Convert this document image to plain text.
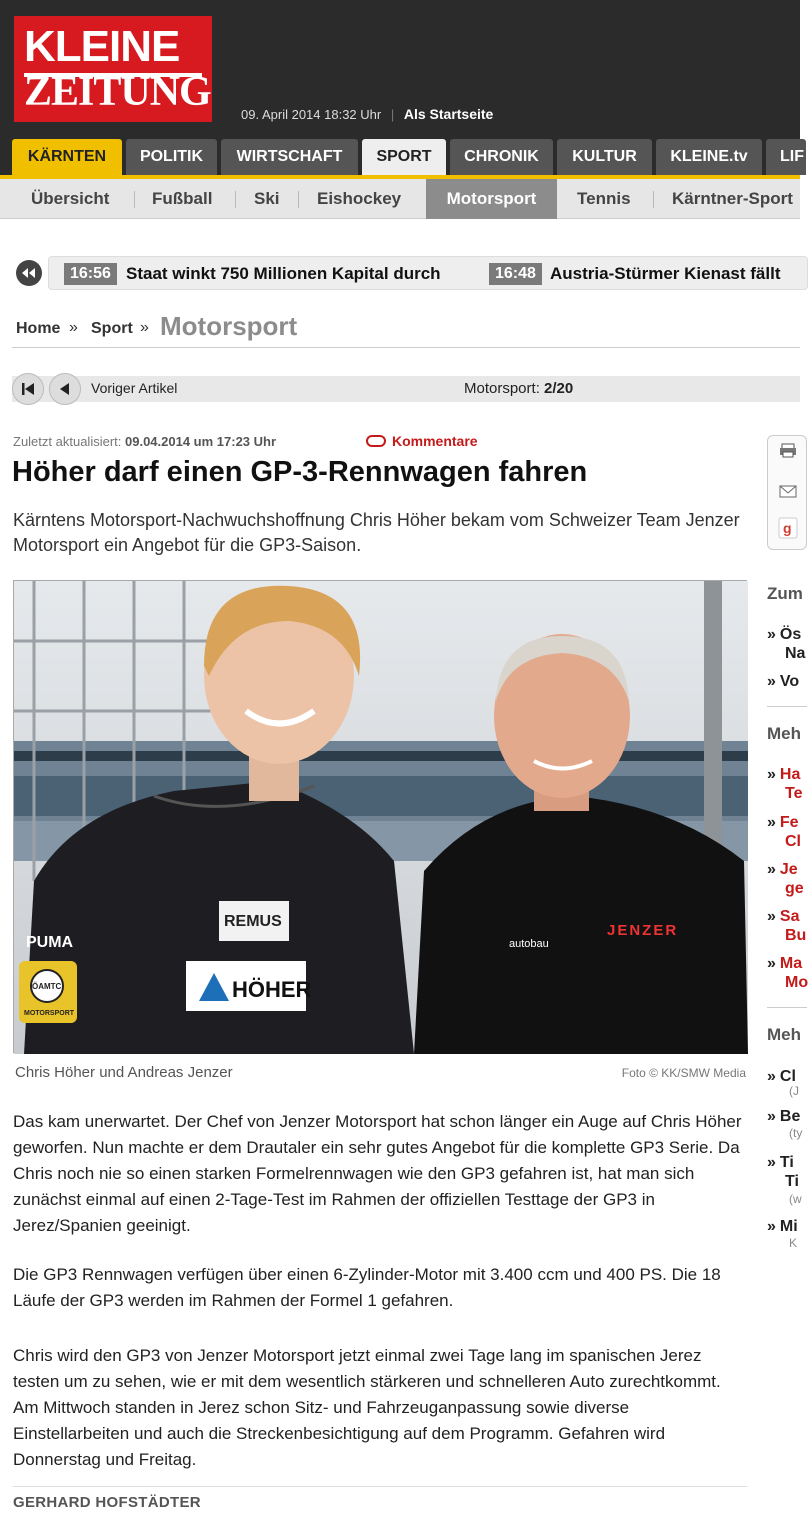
KLEINE
ZEITUNG 09. April 2014 18:32 Uhr | Als Startseite
KÄRNTEN	POLITIK	WIRTSCHAFT	SPORT	CHRONIK	KULTUR	KLEINE.tv	LIF
Übersicht	Fußball Ski Eishockey	Motorsport	Tennis Kärntner-Sport
16:56 Staat winkt 750 Millionen Kapital durch	16:48 Austria-Stürmer Kienast fällt
Home » Sport » Motorsport
Voriger Artikel	Motorsport: 2/20
Zuletzt aktualisiert: 09.04.2014 um 17:23 Uhr	Kommentare
Höher darf einen GP-3-Rennwagen fahren

Kärntens Motorsport-Nachwuchshoffnung Chris Höher bekam vom Schweizer Team Jenzer Motorsport ein Angebot für die GP3-Saison.

HÖHER
REMUS
PUMA
ÖAMTC
MOTORSPORT
JENZER
autobau
Chris Höher und Andreas Jenzer	Foto © KK/SMW Media

Das kam unerwartet. Der Chef von Jenzer Motorsport hat schon länger ein Auge auf Chris Höher geworfen. Nun machte er dem Drautaler ein sehr gutes Angebot für die komplette GP3 Serie. Da Chris noch nie so einen starken Formelrennwagen wie den GP3 gefahren ist, hat man sich zunächst einmal auf einen 2-Tage-Test im Rahmen der offiziellen Testtage der GP3 in Jerez/Spanien geeinigt.

Die GP3 Rennwagen verfügen über einen 6-Zylinder-Motor mit 3.400 ccm und 400 PS. Die 18 Läufe der GP3 werden im Rahmen der Formel 1 gefahren.

Chris wird den GP3 von Jenzer Motorsport jetzt einmal zwei Tage lang im spanischen Jerez testen um zu sehen, wie er mit dem wesentlich stärkeren und schnelleren Auto zurechtkommt. Am Mittwoch standen in Jerez schon Sitz- und Fahrzeuganpassung sowie diverse Einstellarbeiten und auch die Streckenbesichtigung auf dem Programm. Gefahren wird Donnerstag und Freitag.

GERHARD HOFSTÄDTER
g
Zum
» Ös
Na
» Vo
Meh
» Ha
Te
» Fe
Cl
» Je
ge
» Sa
Bu
» Ma
Mo
Meh
» Cl
(J
» Be
(ty
» Ti
Ti
(w
» Mi
K
